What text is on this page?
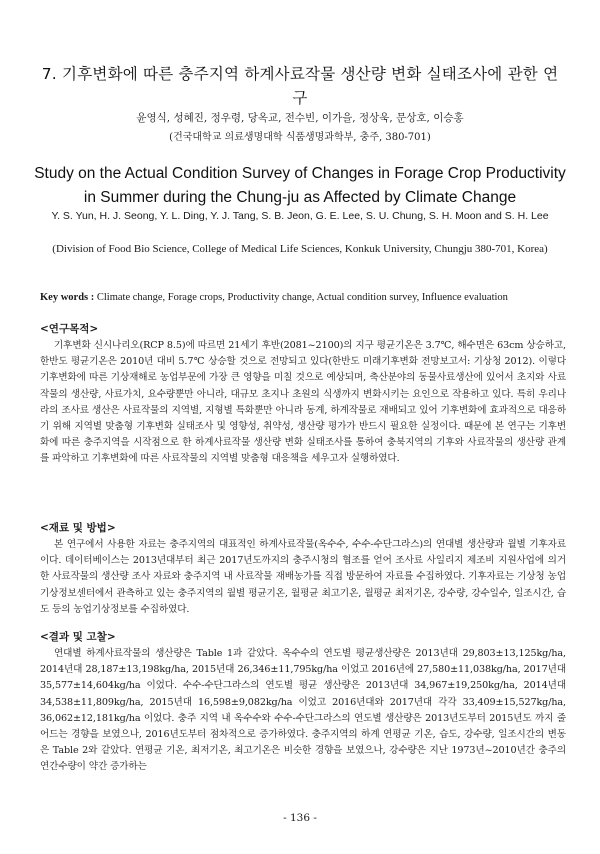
7. 기후변화에 따른 충주지역 하계사료작물 생산량 변화 실태조사에 관한 연구
윤영식, 성혜진, 정우령, 당옥교, 전수빈, 이가을, 정상욱, 문상호, 이승홍
(건국대학교 의료생명대학 식품생명과학부, 충주, 380-701)
Study on the Actual Condition Survey of Changes in Forage Crop Productivity in Summer during the Chung-ju as Affected by Climate Change
Y. S. Yun, H. J. Seong, Y. L. Ding, Y. J. Tang, S. B. Jeon, G. E. Lee, S. U. Chung, S. H. Moon and S. H. Lee
(Division of Food Bio Science, College of Medical Life Sciences, Konkuk University, Chungju 380-701, Korea)
Key words : Climate change, Forage crops, Productivity change, Actual condition survey, Influence evaluation
<연구목적>

기후변화 신시나리오(RCP 8.5)에 따르면 21세기 후반(2081~2100)의 지구 평균기온은 3.7℃, 해수면은 63cm 상승하고, 한반도 평균기온은 2010년 대비 5.7℃ 상승할 것으로 전망되고 있다(한반도 미래기후변화 전망보고서: 기상청 2012). 이렇다 기후변화에 따른 기상재해로 농업부문에 가장 큰 영향을 미칠 것으로 예상되며, 축산분야의 동물사료생산에 있어서 초지와 사료작물의 생산량, 사료가치, 요수량뿐만 아니라, 대규모 초지나 초원의 식생까지 변화시키는 요인으로 작용하고 있다. 특히 우리나라의 조사료 생산은 사료작물의 지역별, 지형별 특화뿐만 아니라 동계, 하계작물로 재배되고 있어 기후변화에 효과적으로 대응하기 위해 지역별 맞춤형 기후변화 실태조사 및 영향성, 취약성, 생산량 평가가 반드시 필요한 실정이다. 때문에 본 연구는 기후변화에 따른 충주지역을 시작점으로 한 하계사료작물 생산량 변화 실태조사를 통하여 충북지역의 기후와 사료작물의 생산량 관계를 파악하고 기후변화에 따른 사료작물의 지역별 맞춤형 대응책을 세우고자 실행하였다.

<재료 및 방법>

본 연구에서 사용한 자료는 충주지역의 대표적인 하계사료작물(옥수수, 수수-수단그라스)의 연대별 생산량과 월별 기후자료이다. 데이터베이스는 2013년대부터 최근 2017년도까지의 충주시청의 협조를 얻어 조사료 사일리지 제조비 지원사업에 의거한 사료작물의 생산량 조사 자료와 충주지역 내 사료작물 재배농가를 직접 방문하여 자료를 수집하였다. 기후자료는 기상청 농업기상정보센터에서 관측하고 있는 충주지역의 월별 평균기온, 월평균 최고기온, 월평균 최저기온, 강수량, 강수일수, 일조시간, 습도 등의 농업기상정보를 수집하였다.

<결과 및 고찰>

연대별 하계사료작물의 생산량은 Table 1과 같았다. 옥수수의 연도별 평균생산량은 2013년대 29,803±13,125kg/ha, 2014년대 28,187±13,198kg/ha, 2015년대 26,346±11,795kg/ha 이었고 2016년에 27,580±11,038kg/ha, 2017년대 35,577±14,604kg/ha 이었다. 수수-수단그라스의 연도별 평균 생산량은 2013년대 34,967±19,250kg/ha, 2014년대 34,538±11,809kg/ha, 2015년대 16,598±9,082kg/ha 이었고 2016년대와 2017년대 각각 33,409±15,527kg/ha, 36,062±12,181kg/ha 이었다. 충주 지역 내 옥수수와 수수-수단그라스의 연도별 생산량은 2013년도부터 2015년도 까지 줄어드는 경향을 보였으나, 2016년도부터 점차적으로 증가하였다. 충주지역의 하계 연평균 기온, 습도, 강수량, 일조시간의 변동은 Table 2와 같았다. 연평균 기온, 최저기온, 최고기온은 비슷한 경향을 보였으나, 강수량은 지난 1973년~2010년간 충주의 연간수량이 약간 증가하는

- 136 -
